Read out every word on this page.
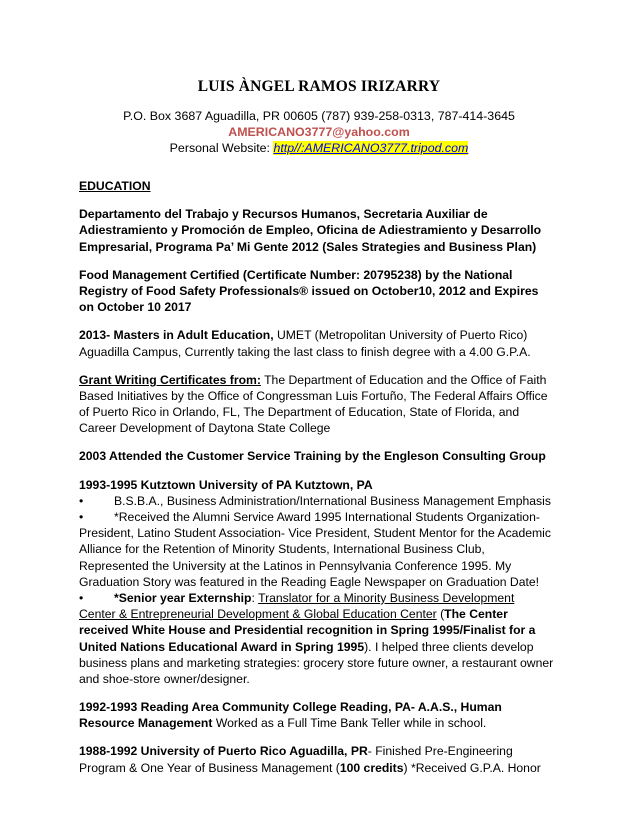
LUIS ÀNGEL RAMOS IRIZARRY
P.O. Box 3687 Aguadilla, PR 00605 (787) 939-258-0313, 787-414-3645
AMERICANO3777@yahoo.com
Personal Website: http//:AMERICANO3777.tripod.com
EDUCATION
Departamento del Trabajo y Recursos Humanos, Secretaria Auxiliar de
Adiestramiento y Promoción de Empleo, Oficina de Adiestramiento y Desarrollo
Empresarial, Programa Pa’ Mi Gente 2012 (Sales Strategies and Business Plan)
Food Management Certified (Certificate Number: 20795238) by the National
Registry of Food Safety Professionals® issued on October10, 2012 and Expires
on October 10 2017
2013- Masters in Adult Education, UMET (Metropolitan University of Puerto Rico)
Aguadilla Campus, Currently taking the last class to finish degree with a 4.00 G.P.A.
Grant Writing Certificates from: The Department of Education and the Office of Faith
Based Initiatives by the Office of Congressman Luis Fortuño, The Federal Affairs Office
of Puerto Rico in Orlando, FL, The Department of Education, State of Florida, and
Career Development of Daytona State College
2003 Attended the Customer Service Training by the Engleson Consulting Group
1993-1995 Kutztown University of PA Kutztown, PA
•	B.S.B.A., Business Administration/International Business Management Emphasis
•	*Received the Alumni Service Award 1995 International Students Organization-
President, Latino Student Association- Vice President, Student Mentor for the Academic
Alliance for the Retention of Minority Students, International Business Club,
Represented the University at the Latinos in Pennsylvania Conference 1995. My
Graduation Story was featured in the Reading Eagle Newspaper on Graduation Date!
•	*Senior year Externship: Translator for a Minority Business Development
Center & Entrepreneurial Development & Global Education Center (The Center
received White House and Presidential recognition in Spring 1995/Finalist for a
United Nations Educational Award in Spring 1995). I helped three clients develop
business plans and marketing strategies: grocery store future owner, a restaurant owner
and shoe-store owner/designer.
1992-1993 Reading Area Community College Reading, PA- A.A.S., Human
Resource Management Worked as a Full Time Bank Teller while in school.
1988-1992 University of Puerto Rico Aguadilla, PR- Finished Pre-Engineering
Program & One Year of Business Management (100 credits) *Received G.P.A. Honor
